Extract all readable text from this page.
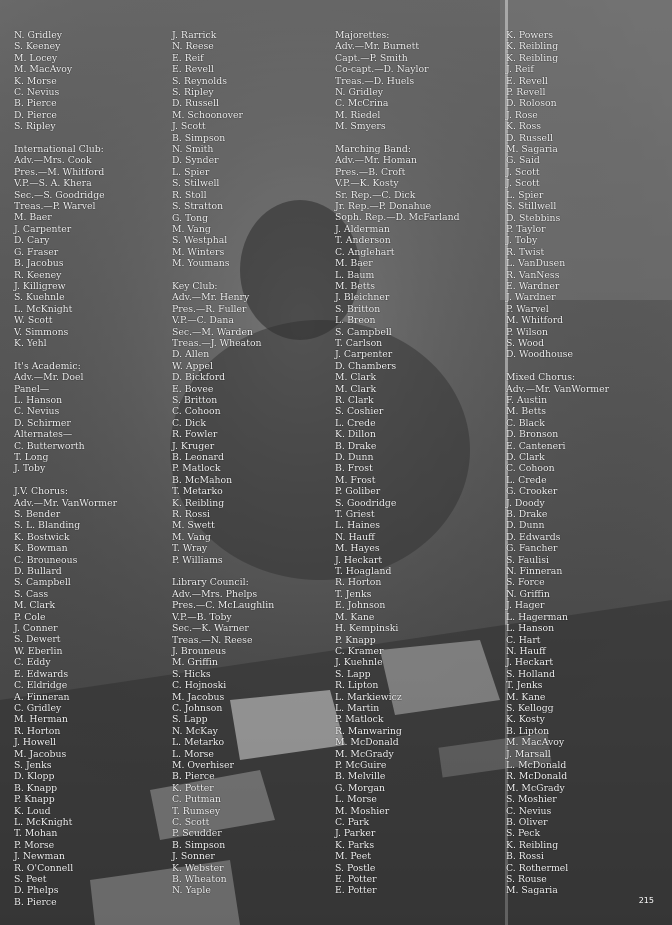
N. Gridley
S. Keeney
M. Locey
M. MacAvoy
K. Morse
C. Nevius
B. Pierce
D. Pierce
S. Ripley
International Club:
Adv.—Mrs. Cook
Pres.—M. Whitford
V.P.—S. A. Khera
Sec.—S. Goodridge
Treas.—P. Warvel
M. Baer
J. Carpenter
D. Cary
G. Fraser
B. Jacobus
R. Keeney
J. Killigrew
S. Kuehnle
L. McKnight
W. Scott
V. Simmons
K. Yehl
It's Academic:
Adv.—Mr. Doel
Panel—
L. Hanson
C. Nevius
D. Schirmer
Alternates—
C. Butterworth
T. Long
J. Toby
J.V. Chorus:
Adv.—Mr. VanWormer
S. Bender
S. L. Blanding
K. Bostwick
K. Bowman
C. Brouneous
D. Bullard
S. Campbell
S. Cass
M. Clark
P. Cole
J. Conner
S. Dewert
W. Eberlin
C. Eddy
E. Edwards
C. Eldridge
A. Finneran
C. Gridley
M. Herman
R. Horton
J. Howell
M. Jacobus
S. Jenks
D. Klopp
B. Knapp
P. Knapp
K. Loud
L. McKnight
T. Mohan
P. Morse
J. Newman
R. O'Connell
S. Peet
D. Phelps
B. Pierce
J. Rarrick
N. Reese
E. Reif
E. Revell
S. Reynolds
S. Ripley
D. Russell
M. Schoonover
J. Scott
B. Simpson
N. Smith
D. Synder
L. Spier
S. Stilwell
R. Stoll
S. Stratton
G. Tong
M. Vang
S. Westphal
M. Winters
M. Youmans
Key Club:
Adv.—Mr. Henry
Pres.—R. Fuller
V.P.—C. Dana
Sec.—M. Warden
Treas.—J. Wheaton
D. Allen
W. Appel
D. Bickford
E. Bovee
S. Britton
C. Cohoon
C. Dick
R. Fowler
J. Kruger
B. Leonard
P. Matlock
B. McMahon
T. Metarko
K. Reibling
R. Rossi
M. Swett
M. Vang
T. Wray
P. Williams
Library Council:
Adv.—Mrs. Phelps
Pres.—C. McLaughlin
V.P.—B. Toby
Sec.—K. Warner
Treas.—N. Reese
J. Brouneus
M. Griffin
S. Hicks
C. Hojnoski
M. Jacobus
C. Johnson
S. Lapp
N. McKay
L. Metarko
L. Morse
M. Overhiser
B. Pierce
K. Potter
C. Putman
T. Rumsey
C. Scott
P. Scudder
B. Simpson
J. Sonner
K. Webster
B. Wheaton
N. Yaple
Majorettes:
Adv.—Mr. Burnett
Capt.—P. Smith
Co-capt.—D. Naylor
Treas.—D. Huels
N. Gridley
C. McCrina
M. Riedel
M. Smyers
Marching Band:
Adv.—Mr. Homan
Pres.—B. Croft
V.P.—K. Kosty
Sr. Rep.—C. Dick
Jr. Rep.—P. Donahue
Soph. Rep.—D. McFarland
J. Alderman
T. Anderson
C. Anglehart
M. Baer
L. Baum
M. Betts
J. Bleichner
S. Britton
L. Breon
S. Campbell
T. Carlson
J. Carpenter
D. Chambers
M. Clark
M. Clark
R. Clark
S. Coshier
L. Crede
K. Dillon
B. Drake
D. Dunn
B. Frost
M. Frost
P. Goliber
S. Goodridge
T. Griest
L. Haines
N. Hauff
M. Hayes
J. Heckart
T. Hoagland
R. Horton
T. Jenks
E. Johnson
M. Kane
H. Kempinski
P. Knapp
C. Kramer
J. Kuehnle
S. Lapp
R. Lipton
L. Markiewicz
L. Martin
P. Matlock
R. Manwaring
M. McDonald
M. McGrady
P. McGuire
B. Melville
G. Morgan
L. Morse
M. Moshier
C. Park
J. Parker
K. Parks
M. Peet
S. Postle
E. Potter
E. Potter
K. Powers
K. Reibling
K. Reibling
J. Reif
E. Revell
P. Revell
D. Roloson
J. Rose
K. Ross
D. Russell
M. Sagaria
G. Said
J. Scott
J. Scott
L. Spier
S. Stillwell
D. Stebbins
P. Taylor
J. Toby
R. Twist
L. VanDusen
R. VanNess
E. Wardner
J. Wardner
P. Warvel
M. Whitford
P. Wilson
S. Wood
D. Woodhouse
Mixed Chorus:
Adv.—Mr. VanWormer
F. Austin
M. Betts
C. Black
D. Bronson
E. Canteneri
D. Clark
C. Cohoon
L. Crede
G. Crooker
J. Doody
B. Drake
D. Dunn
D. Edwards
G. Fancher
S. Faulisi
N. Finneran
S. Force
N. Griffin
J. Hager
L. Hagerman
L. Hanson
C. Hart
N. Hauff
J. Heckart
S. Holland
T. Jenks
M. Kane
S. Kellogg
K. Kosty
B. Lipton
M. MacAvoy
J. Marsall
L. McDonald
R. McDonald
M. McGrady
S. Moshier
C. Nevius
B. Oliver
S. Peck
K. Reibling
B. Rossi
C. Rothermel
S. Rouse
M. Sagaria
215
